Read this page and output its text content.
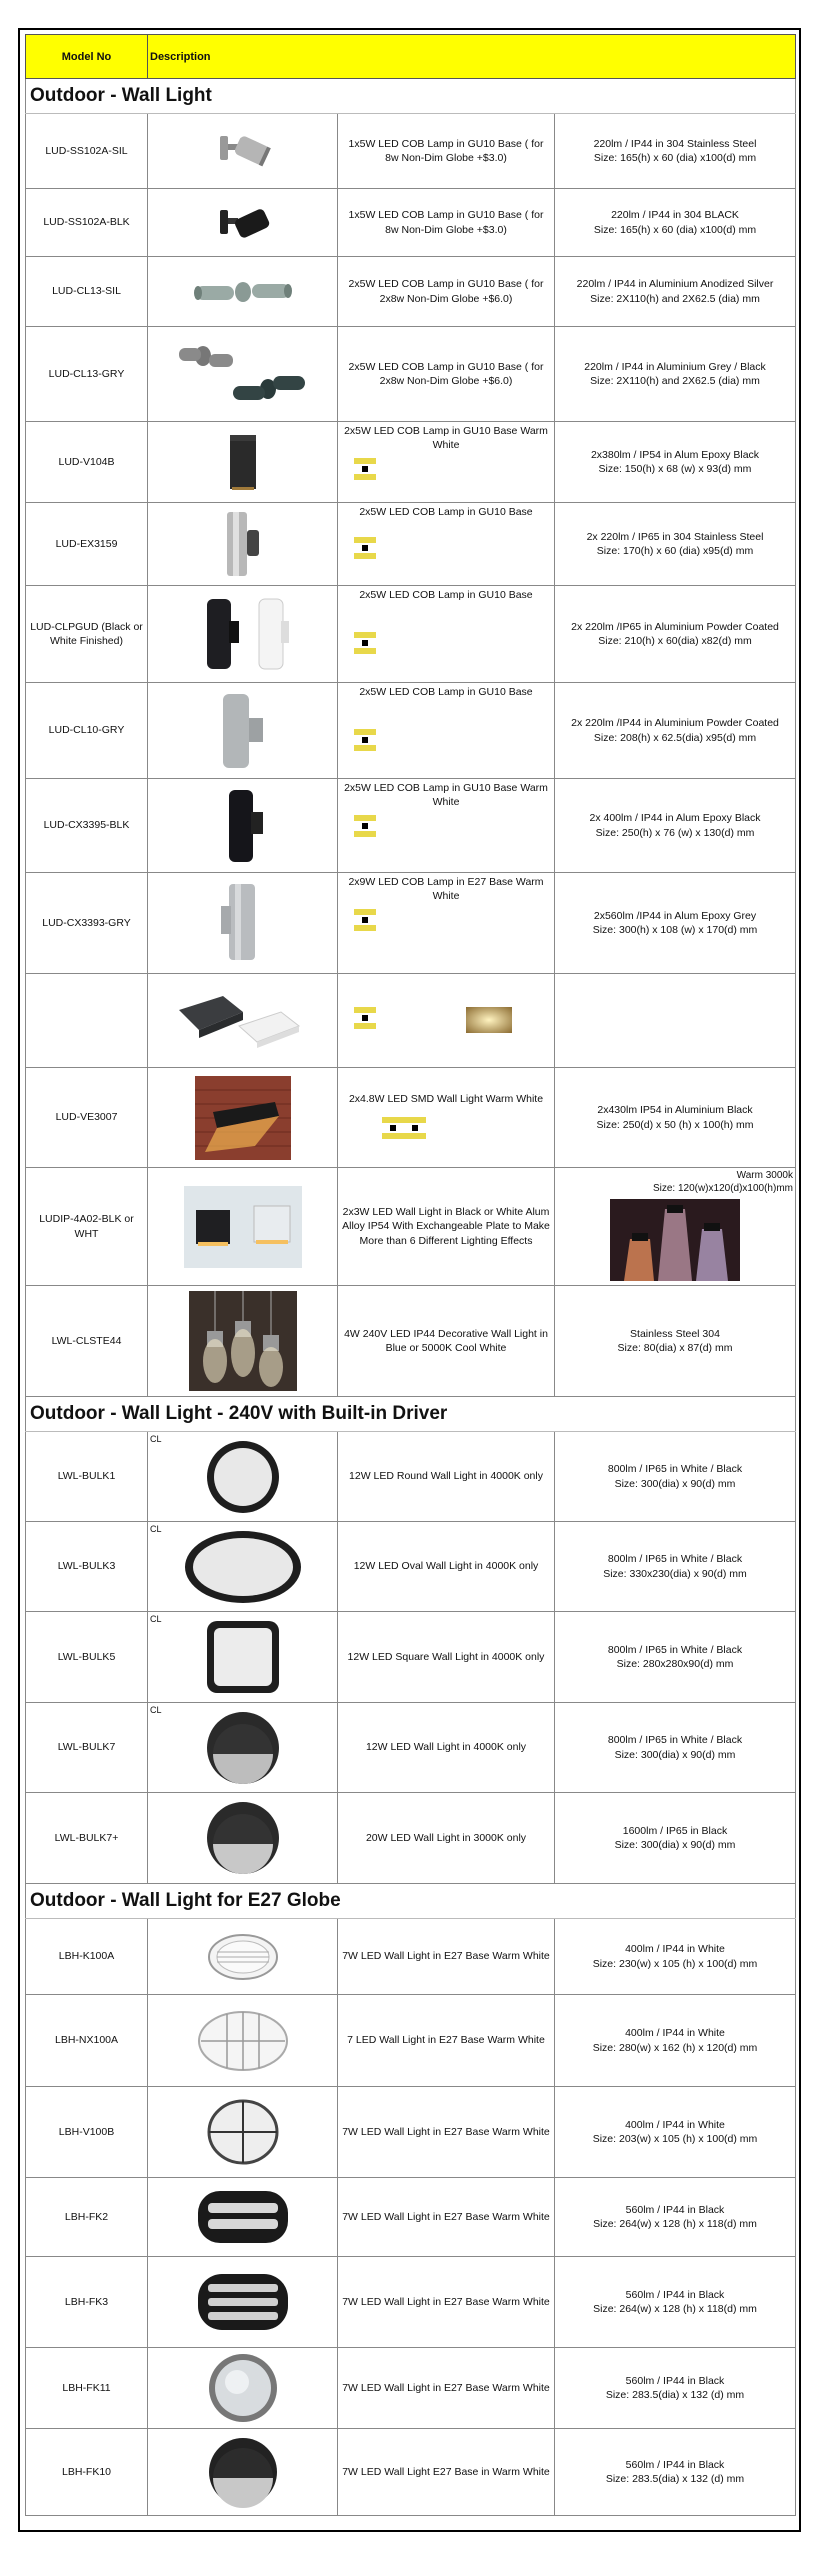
Model No	Description		
Outdoor - Wall Light			
LUD-SS102A-SIL		1x5W LED COB Lamp in GU10 Base ( for 8w Non-Dim Globe +$3.0)	220lm / IP44 in 304 Stainless Steel
Size: 165(h) x 60 (dia) x100(d) mm

LUD-SS102A-BLK		1x5W LED COB Lamp in GU10 Base ( for 8w Non-Dim Globe +$3.0)	220lm / IP44 in 304 BLACK
Size: 165(h) x 60 (dia) x100(d) mm

LUD-CL13-SIL		2x5W LED COB Lamp in GU10 Base ( for 2x8w Non-Dim Globe +$6.0)	220lm / IP44 in Aluminium Anodized Silver
Size: 2X110(h) and 2X62.5 (dia) mm

LUD-CL13-GRY		2x5W LED COB Lamp in GU10 Base ( for 2x8w Non-Dim Globe +$6.0)	220lm / IP44 in Aluminium Grey / Black
Size: 2X110(h) and 2X62.5 (dia) mm

LUD-V104B		2x5W LED COB Lamp in GU10 Base Warm White	2x380lm / IP54 in Alum Epoxy Black
Size: 150(h) x 68 (w) x 93(d) mm

LUD-EX3159		2x5W LED COB Lamp in GU10 Base	2x 220lm / IP65 in 304 Stainless Steel
Size: 170(h) x 60 (dia) x95(d) mm

LUD-CLPGUD (Black or White Finished)		2x5W LED COB Lamp in GU10 Base	2x 220lm /IP65 in Aluminium Powder Coated
Size: 210(h) x 60(dia) x82(d) mm

LUD-CL10-GRY		2x5W LED COB Lamp in GU10 Base	2x 220lm /IP44 in Aluminium Powder Coated
Size: 208(h) x 62.5(dia) x95(d) mm

LUD-CX3395-BLK		2x5W LED COB Lamp in GU10 Base Warm White	2x 400lm / IP44 in Alum Epoxy Black
Size: 250(h) x 76 (w) x 130(d) mm

LUD-CX3393-GRY		2x9W LED COB Lamp in E27 Base Warm White	2x560lm /IP44 in Alum Epoxy Grey
Size: 300(h) x 108 (w) x 170(d) mm

LUD-VE3007		2x4.8W LED SMD Wall Light Warm White	2x430lm IP54 in Aluminium Black
Size: 250(d) x 50 (h) x 100(h) mm

LUDIP-4A02-BLK or WHT		2x3W LED Wall Light in Black or White Alum Alloy IP54 With Exchangeable Plate to Make More than 6 Different Lighting Effects	Warm 3000k
Size: 120(w)x120(d)x100(h)mm

LWL-CLSTE44		4W 240V LED IP44 Decorative Wall Light in Blue or 5000K Cool White	Stainless Steel 304
Size: 80(dia) x 87(d) mm

Outdoor - Wall Light - 240V with Built-in Driver			
LWL-BULK1	CL	12W LED Round Wall Light in 4000K only	800lm / IP65 in White / Black
Size: 300(dia) x 90(d) mm

LWL-BULK3	CL	12W LED Oval Wall Light in 4000K only	800lm / IP65 in White / Black
Size: 330x230(dia) x 90(d) mm

LWL-BULK5	CL	12W LED Square Wall Light in 4000K only	800lm / IP65 in White / Black
Size: 280x280x90(d) mm

LWL-BULK7	CL	12W LED Wall Light in 4000K only	800lm / IP65 in White / Black
Size: 300(dia) x 90(d) mm

LWL-BULK7+		20W LED Wall Light in 3000K only	1600lm / IP65 in Black
Size: 300(dia) x 90(d) mm

Outdoor - Wall Light for E27 Globe			
LBH-K100A		7W LED Wall Light in E27 Base Warm White	400lm / IP44 in White
Size: 230(w) x 105 (h) x 100(d) mm

LBH-NX100A		7 LED Wall Light in E27 Base Warm White	400lm / IP44 in White
Size: 280(w) x 162 (h) x 120(d) mm

LBH-V100B		7W LED Wall Light in E27 Base Warm White	400lm / IP44 in White
Size: 203(w) x 105 (h) x 100(d) mm

LBH-FK2		7W LED Wall Light in E27 Base Warm White	560lm / IP44 in Black
Size: 264(w) x 128 (h) x 118(d) mm

LBH-FK3		7W LED Wall Light in E27 Base Warm White	560lm / IP44 in Black
Size: 264(w) x 128 (h) x 118(d) mm

LBH-FK11		7W LED Wall Light in E27 Base Warm White	560lm / IP44 in Black
Size: 283.5(dia) x 132 (d) mm

LBH-FK10		7W LED Wall Light E27 Base in Warm White	560lm / IP44 in Black
Size: 283.5(dia) x 132 (d) mm
